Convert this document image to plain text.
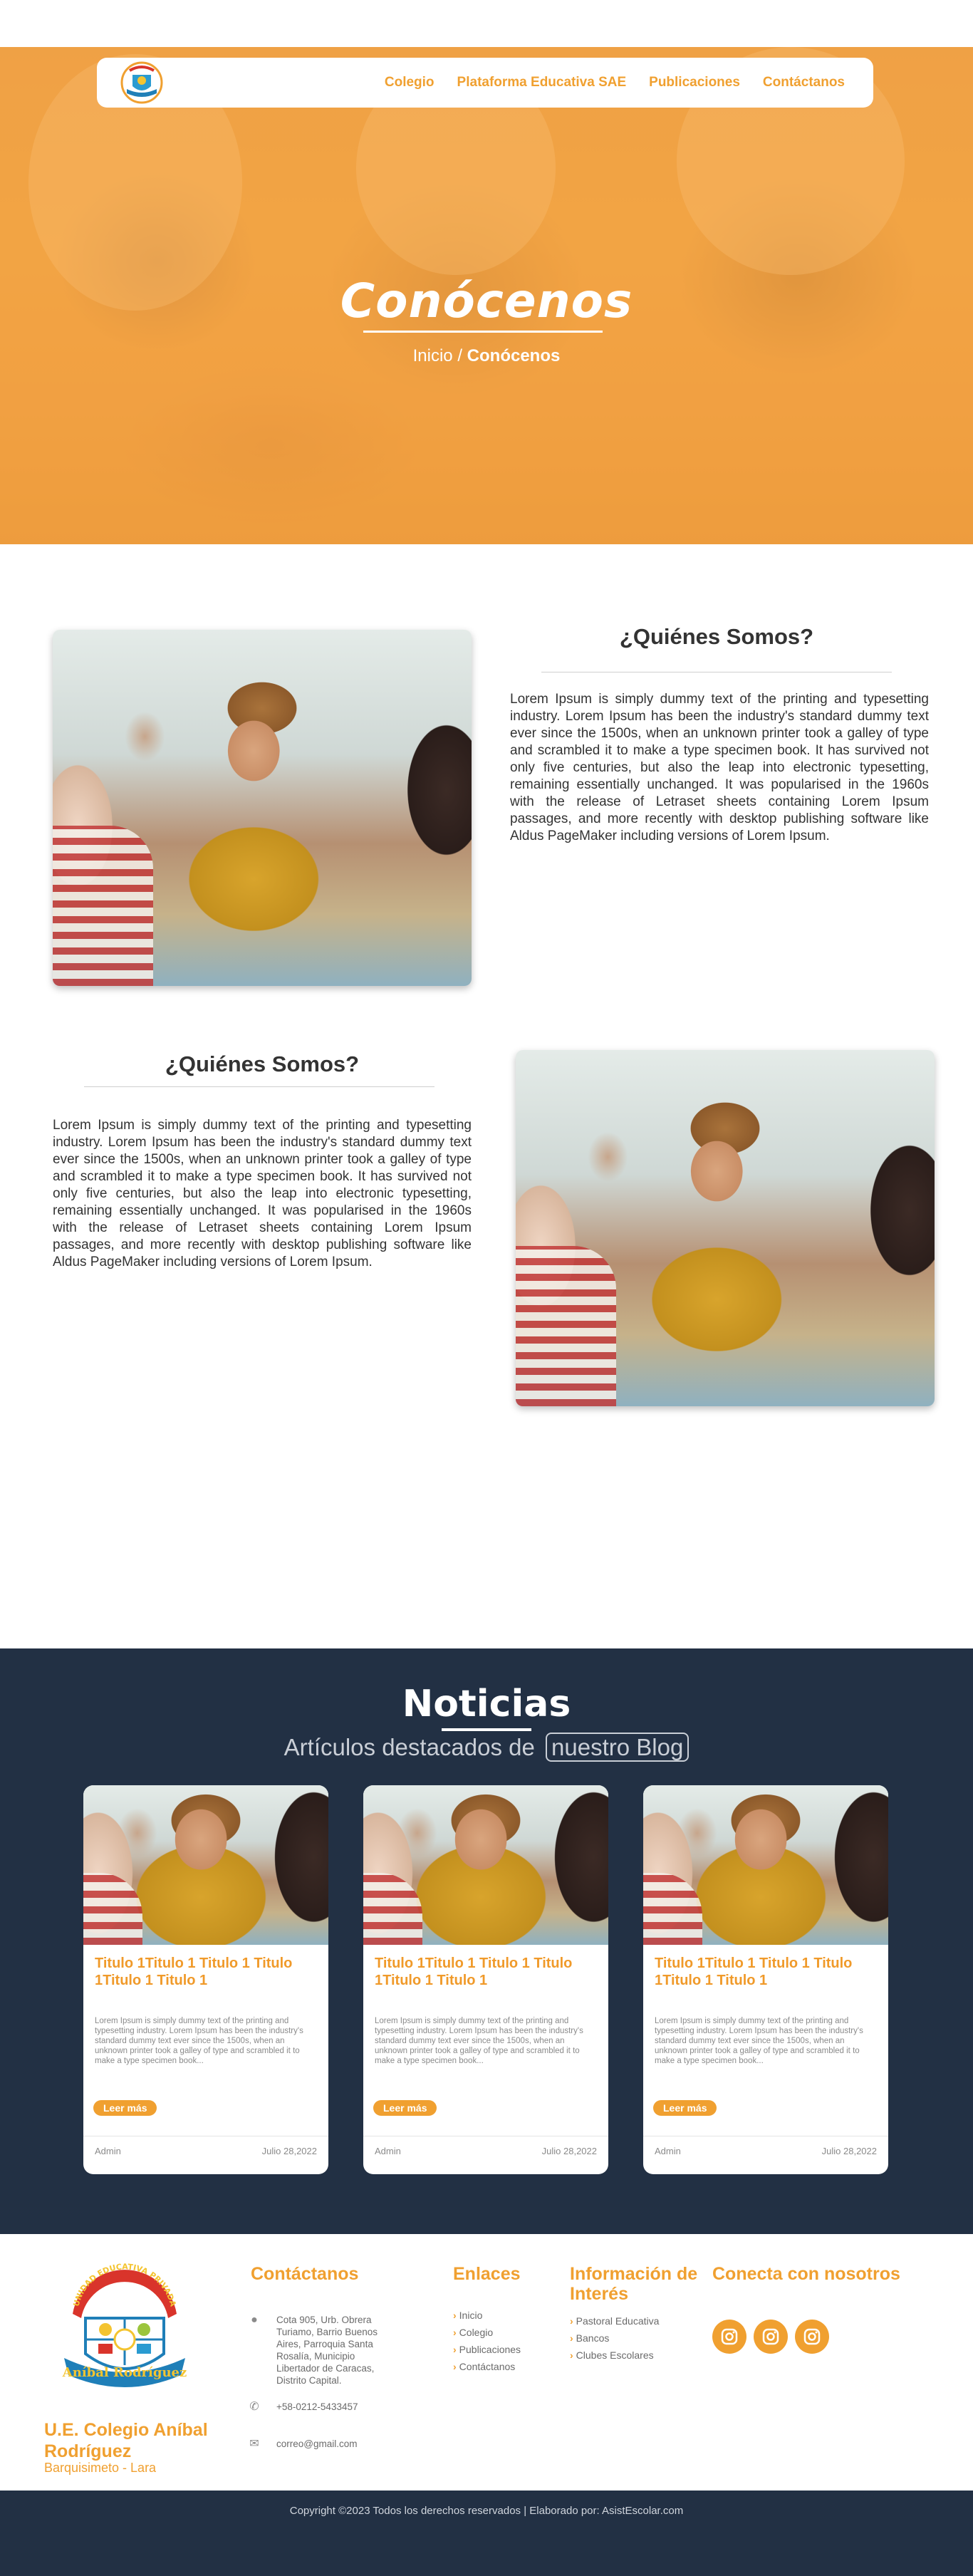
Colegio Plataforma Educativa SAE Publicaciones Contáctanos
Conócenos
Inicio / Conócenos
¿Quiénes Somos?

Lorem Ipsum is simply dummy text of the printing and typesetting industry. Lorem Ipsum has been the industry's standard dummy text ever since the 1500s, when an unknown printer took a galley of type and scrambled it to make a type specimen book. It has survived not only five centuries, but also the leap into electronic typesetting, remaining essentially unchanged. It was popularised in the 1960s with the release of Letraset sheets containing Lorem Ipsum passages, and more recently with desktop publishing software like Aldus PageMaker including versions of Lorem Ipsum.

¿Quiénes Somos?

Lorem Ipsum is simply dummy text of the printing and typesetting industry. Lorem Ipsum has been the industry's standard dummy text ever since the 1500s, when an unknown printer took a galley of type and scrambled it to make a type specimen book. It has survived not only five centuries, but also the leap into electronic typesetting, remaining essentially unchanged. It was popularised in the 1960s with the release of Letraset sheets containing Lorem Ipsum passages, and more recently with desktop publishing software like Aldus PageMaker including versions of Lorem Ipsum.

Noticias

Artículos destacados de nuestro Blog

Titulo 1Titulo 1 Titulo 1 Titulo 1Titulo 1 Titulo 1

Lorem Ipsum is simply dummy text of the printing and typesetting industry. Lorem Ipsum has been the industry's standard dummy text ever since the 1500s, when an unknown printer took a galley of type and scrambled it to make a type specimen book...

Leer más
Admin	Julio 28,2022
Titulo 1Titulo 1 Titulo 1 Titulo 1Titulo 1 Titulo 1

Lorem Ipsum is simply dummy text of the printing and typesetting industry. Lorem Ipsum has been the industry's standard dummy text ever since the 1500s, when an unknown printer took a galley of type and scrambled it to make a type specimen book...

Leer más
Admin	Julio 28,2022
Titulo 1Titulo 1 Titulo 1 Titulo 1Titulo 1 Titulo 1

Lorem Ipsum is simply dummy text of the printing and typesetting industry. Lorem Ipsum has been the industry's standard dummy text ever since the 1500s, when an unknown printer took a galley of type and scrambled it to make a type specimen book...

Leer más
Admin	Julio 28,2022
UNIDAD EDUCATIVA PRIVADA
Aníbal Rodríguez
U.E. Colegio Aníbal Rodríguez
Barquisimeto - Lara
Contáctanos
●	Cota 905, Urb. Obrera Turiamo, Barrio Buenos Aires, Parroquia Santa Rosalía, Municipio Libertador de Caracas, Distrito Capital.
✆	+58-0212-5433457
✉	correo@gmail.com
Enlaces
› Inicio
› Colegio
› Publicaciones
› Contáctanos
Información de Interés
› Pastoral Educativa
› Bancos
› Clubes Escolares
Conecta con nosotros

Copyright ©2023 Todos los derechos reservados | Elaborado por: AsistEscolar.com
